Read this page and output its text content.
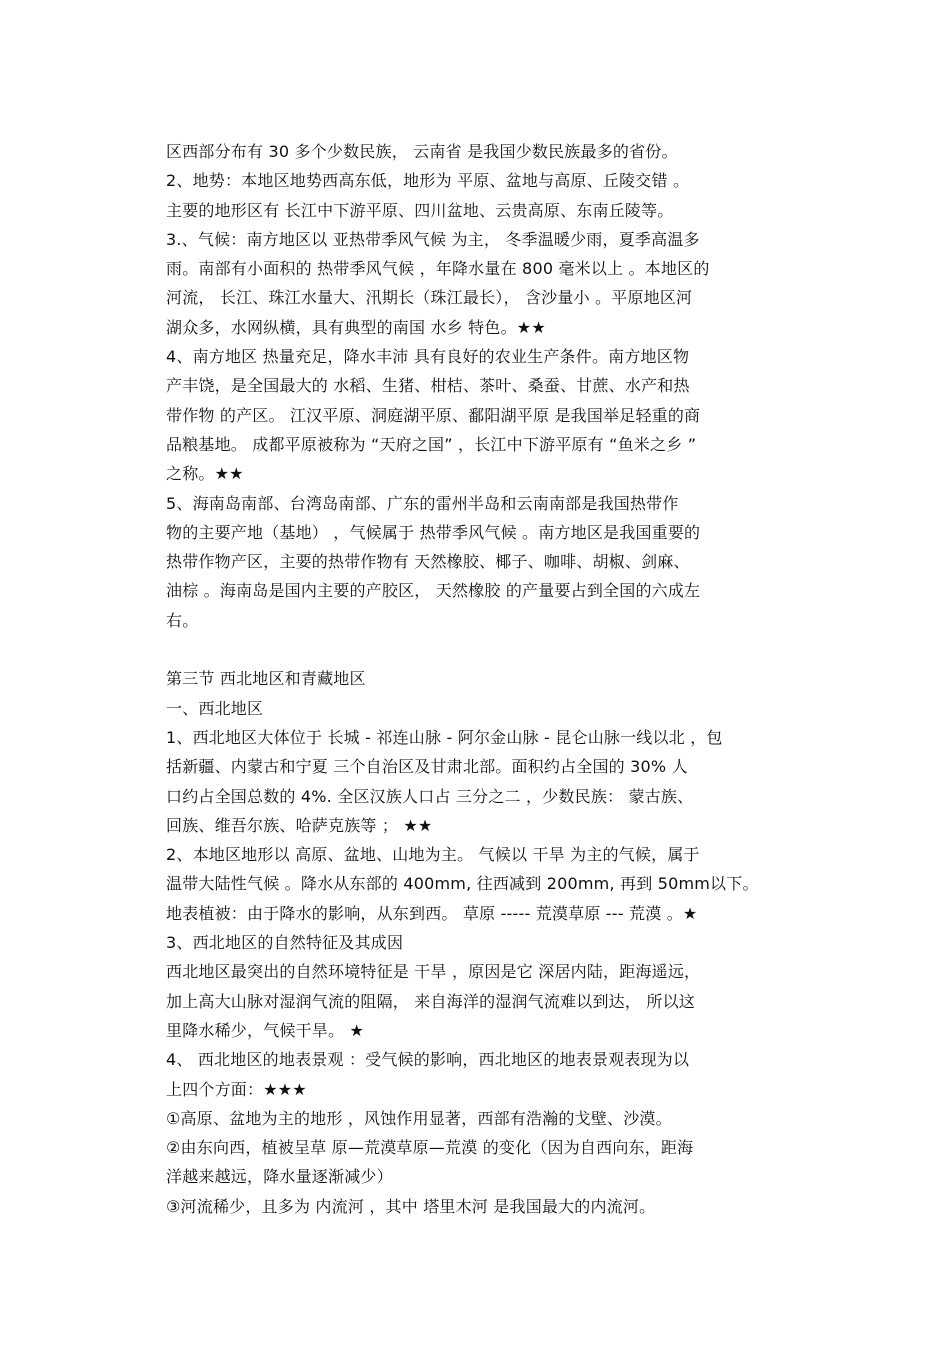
区西部分布有 30 多个少数民族， 云南省 是我国少数民族最多的省份。
2、地势：本地区地势西高东低，地形为 平原、盆地与高原、丘陵交错 。
主要的地形区有 长江中下游平原、四川盆地、云贵高原、东南丘陵等。
3.、气候：南方地区以 亚热带季风气候 为主， 冬季温暖少雨，夏季高温多
雨。南部有小面积的 热带季风气候 ，年降水量在 800 毫米以上 。本地区的
河流， 长江、珠江水量大、汛期长（珠江最长）， 含沙量小 。平原地区河
湖众多，水网纵横，具有典型的南国 水乡 特色。★★
4、南方地区 热量充足，降水丰沛 具有良好的农业生产条件。南方地区物
产丰饶，是全国最大的 水稻、生猪、柑桔、茶叶、桑蚕、甘蔗、水产和热
带作物 的产区。 江汉平原、洞庭湖平原、鄱阳湖平原 是我国举足轻重的商
品粮基地。 成都平原被称为 “天府之国” ，长江中下游平原有 “鱼米之乡 ”
之称。★★
5、海南岛南部、台湾岛南部、广东的雷州半岛和云南南部是我国热带作
物的主要产地（基地） ，气候属于 热带季风气候 。南方地区是我国重要的
热带作物产区，主要的热带作物有 天然橡胶、椰子、咖啡、胡椒、剑麻、
油棕 。海南岛是国内主要的产胶区， 天然橡胶 的产量要占到全国的六成左
右。
第三节 西北地区和青藏地区
一、西北地区
1、西北地区大体位于 长城 - 祁连山脉 - 阿尔金山脉 - 昆仑山脉一线以北 ，包
括新疆、内蒙古和宁夏 三个自治区及甘肃北部。面积约占全国的 30% 人
口约占全国总数的 4%. 全区汉族人口占 三分之二 ，少数民族： 蒙古族、
回族、维吾尔族、哈萨克族等 ； ★★
2、本地区地形以 高原、盆地、山地为主。 气候以 干旱 为主的气候，属于
温带大陆性气候 。降水从东部的 400mm, 往西减到 200mm, 再到 50mm以下。
地表植被：由于降水的影响，从东到西。 草原 ----- 荒漠草原 --- 荒漠 。★
3、西北地区的自然特征及其成因
西北地区最突出的自然环境特征是 干旱 ，原因是它 深居内陆，距海遥远，
加上高大山脉对湿润气流的阻隔， 来自海洋的湿润气流难以到达， 所以这
里降水稀少，气候干旱。 ★
4、 西北地区的地表景观 ：受气候的影响，西北地区的地表景观表现为以
上四个方面：★★★
①高原、盆地为主的地形 ，风蚀作用显著，西部有浩瀚的戈壁、沙漠。
②由东向西，植被呈草 原—荒漠草原—荒漠 的变化（因为自西向东，距海
洋越来越远，降水量逐渐减少）
③河流稀少，且多为 内流河 ，其中 塔里木河 是我国最大的内流河。
